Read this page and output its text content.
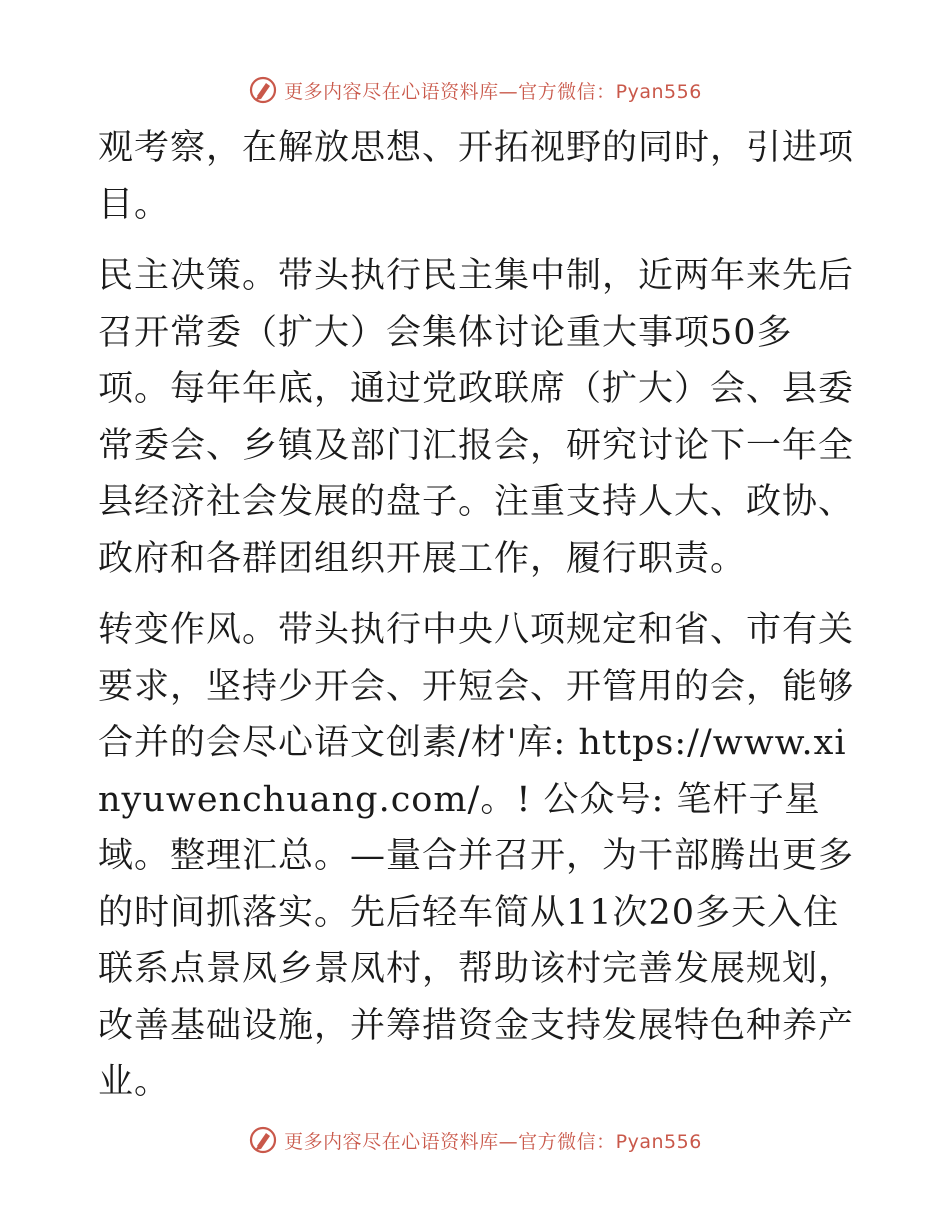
更多内容尽在心语资料库—官方微信：Pyan556

观考察，在解放思想、开拓视野的同时，引进项目。

民主决策。带头执行民主集中制，近两年来先后召开常委（扩大）会集体讨论重大事项50多项。每年年底，通过党政联席（扩大）会、县委常委会、乡镇及部门汇报会，研究讨论下一年全县经济社会发展的盘子。注重支持人大、政协、政府和各群团组织开展工作，履行职责。

转变作风。带头执行中央八项规定和省、市有关要求，坚持少开会、开短会、开管用的会，能够合并的会尽心语文创素/材'库: https://www.xinyuwenchuang.com/。! 公众号: 笔杆子星域。整理汇总。—量合并召开，为干部腾出更多的时间抓落实。先后轻车简从11次20多天入住联系点景凤乡景凤村，帮助该村完善发展规划，改善基础设施，并筹措资金支持发展特色种养产业。

更多内容尽在心语资料库—官方微信：Pyan556
